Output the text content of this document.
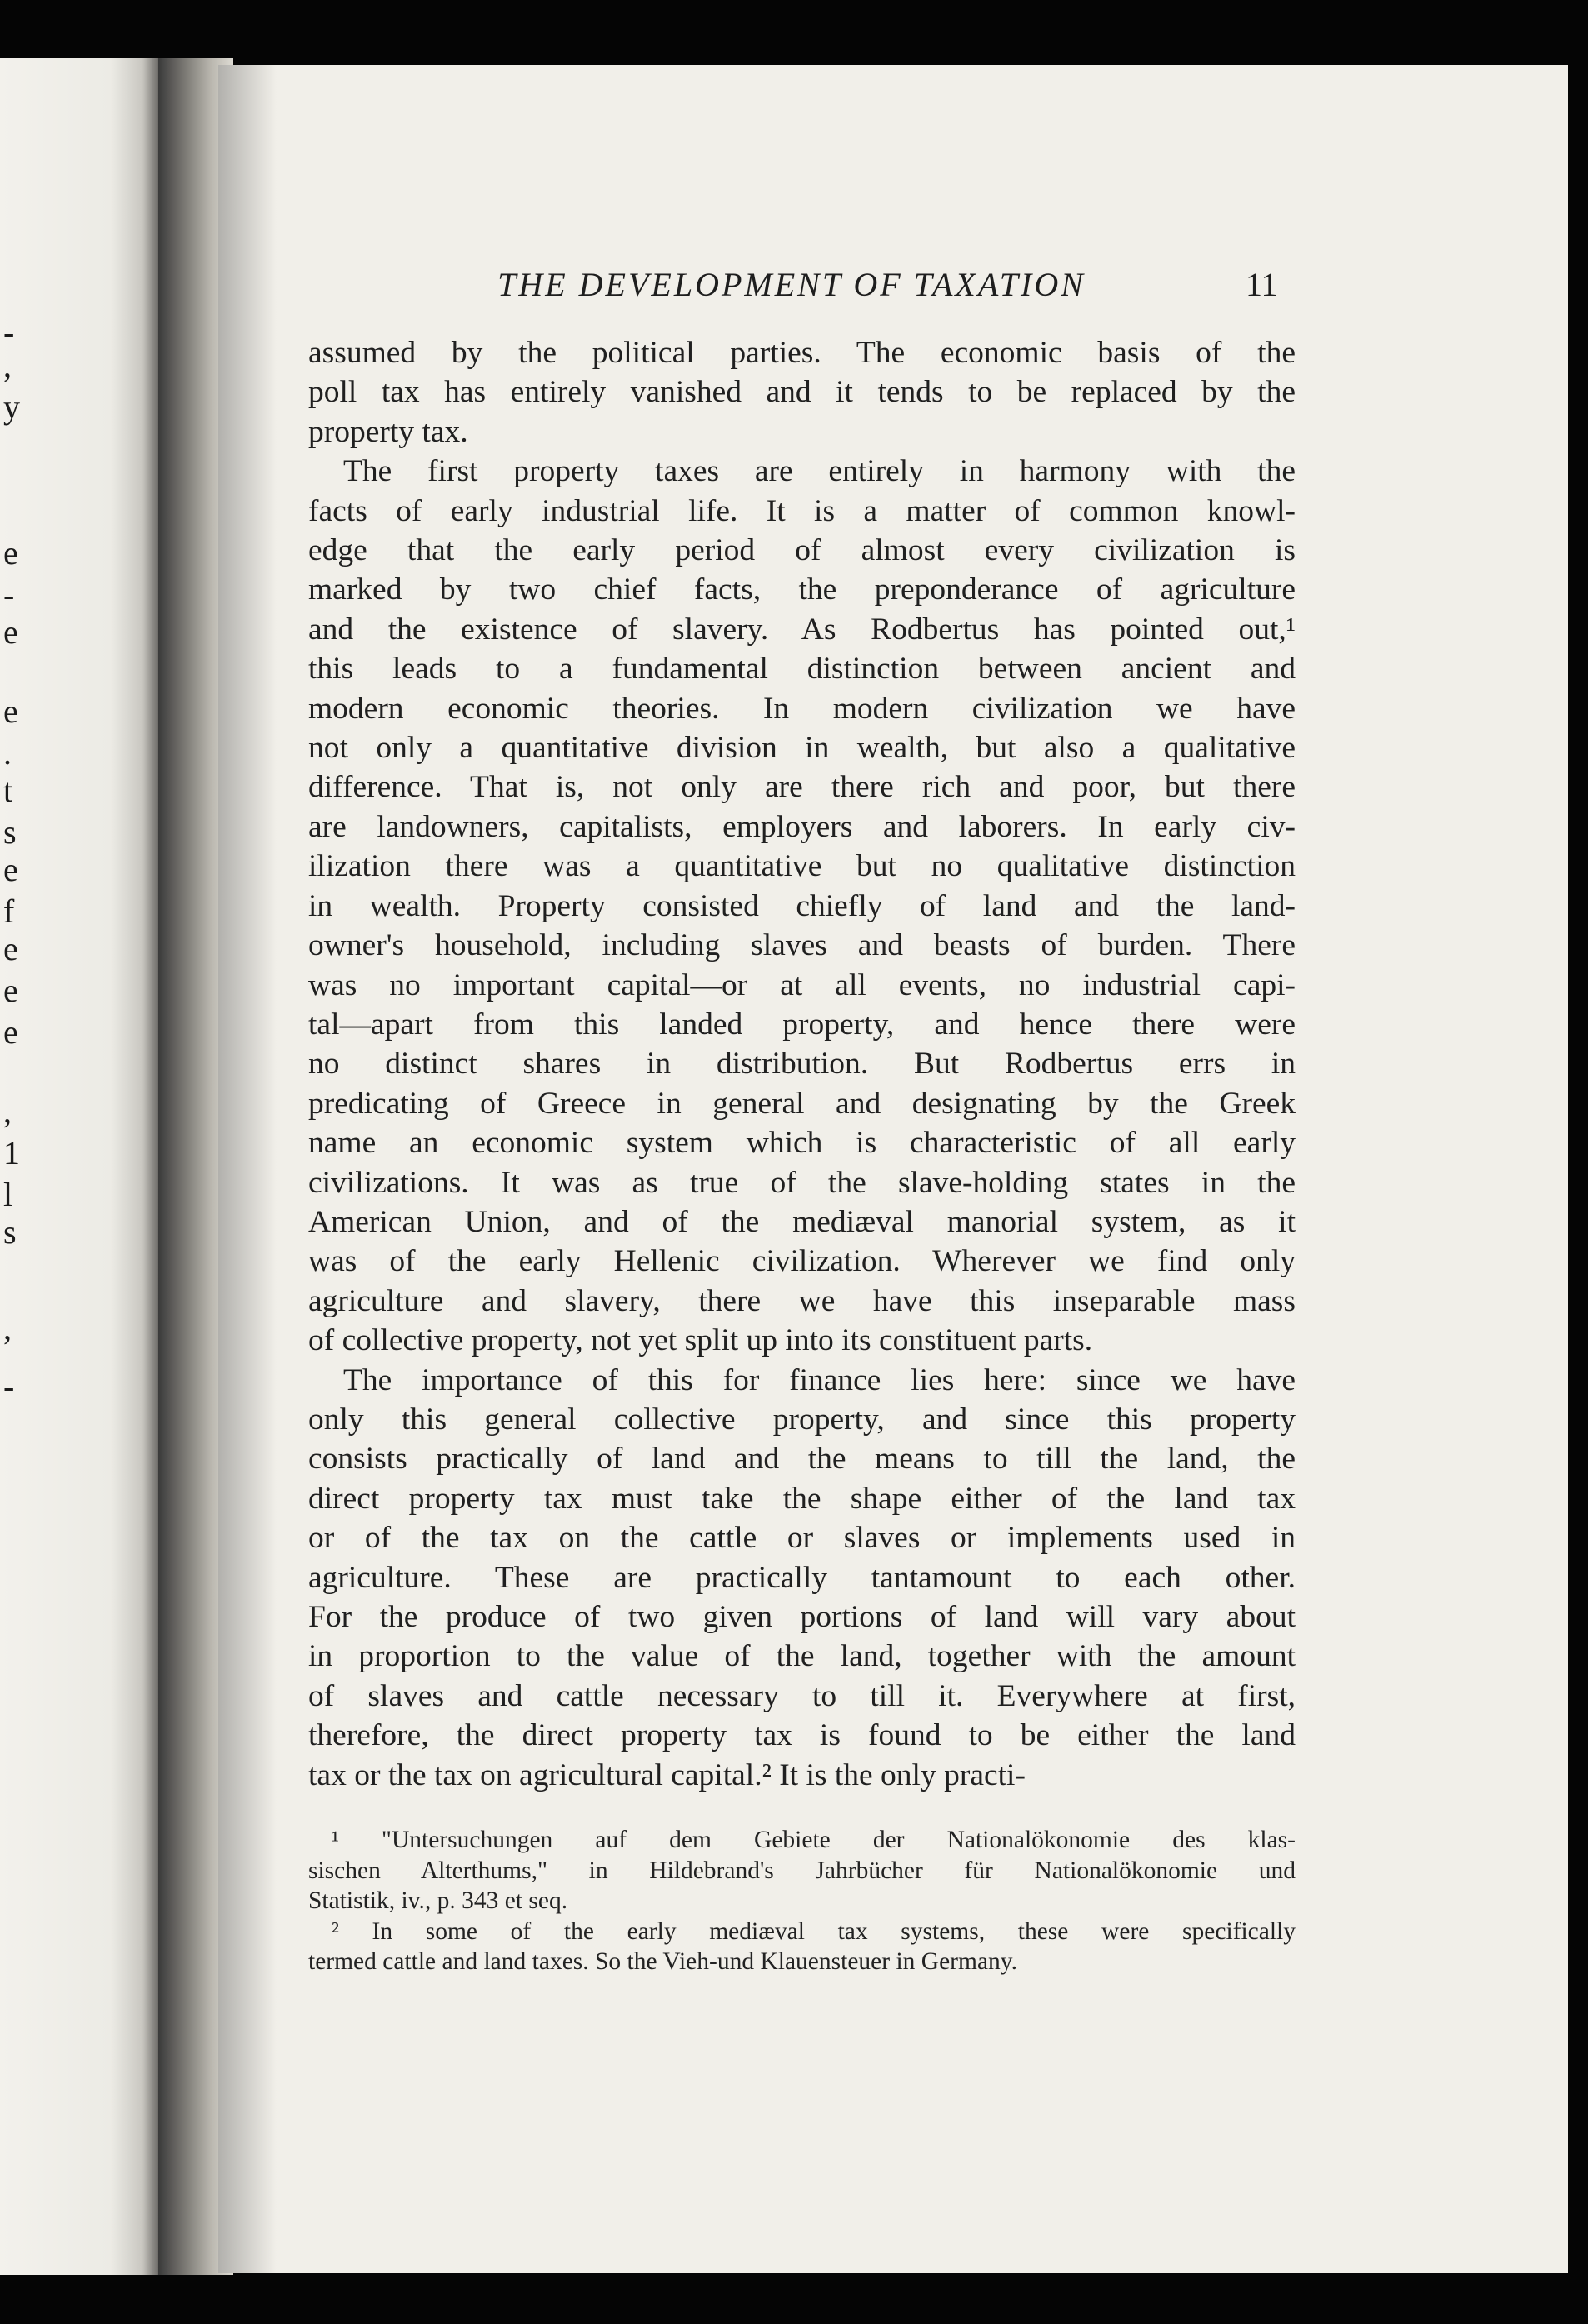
-
,
y
e
-
e
e
.
t
s
e
f
e
e
e
,
1
l
s
,
-
THE DEVELOPMENT OF TAXATION	11
assumed by the political parties. The economic basis of the
poll tax has entirely vanished and it tends to be replaced by the
property tax.
The first property taxes are entirely in harmony with the
facts of early industrial life. It is a matter of common knowl-
edge that the early period of almost every civilization is
marked by two chief facts, the preponderance of agriculture
and the existence of slavery. As Rodbertus has pointed out,¹
this leads to a fundamental distinction between ancient and
modern economic theories. In modern civilization we have
not only a quantitative division in wealth, but also a qualitative
difference. That is, not only are there rich and poor, but there
are landowners, capitalists, employers and laborers. In early civ-
ilization there was a quantitative but no qualitative distinction
in wealth. Property consisted chiefly of land and the land-
owner's household, including slaves and beasts of burden. There
was no important capital—or at all events, no industrial capi-
tal—apart from this landed property, and hence there were
no distinct shares in distribution. But Rodbertus errs in
predicating of Greece in general and designating by the Greek
name an economic system which is characteristic of all early
civilizations. It was as true of the slave-holding states in the
American Union, and of the mediæval manorial system, as it
was of the early Hellenic civilization. Wherever we find only
agriculture and slavery, there we have this inseparable mass
of collective property, not yet split up into its constituent parts.
The importance of this for finance lies here: since we have
only this general collective property, and since this property
consists practically of land and the means to till the land, the
direct property tax must take the shape either of the land tax
or of the tax on the cattle or slaves or implements used in
agriculture. These are practically tantamount to each other.
For the produce of two given portions of land will vary about
in proportion to the value of the land, together with the amount
of slaves and cattle necessary to till it. Everywhere at first,
therefore, the direct property tax is found to be either the land
tax or the tax on agricultural capital.² It is the only practi-
¹ "Untersuchungen auf dem Gebiete der Nationalökonomie des klas-
sischen Alterthums," in Hildebrand's Jahrbücher für Nationalökonomie und
Statistik, iv., p. 343 et seq.
² In some of the early mediæval tax systems, these were specifically
termed cattle and land taxes. So the Vieh-und Klauensteuer in Germany.
